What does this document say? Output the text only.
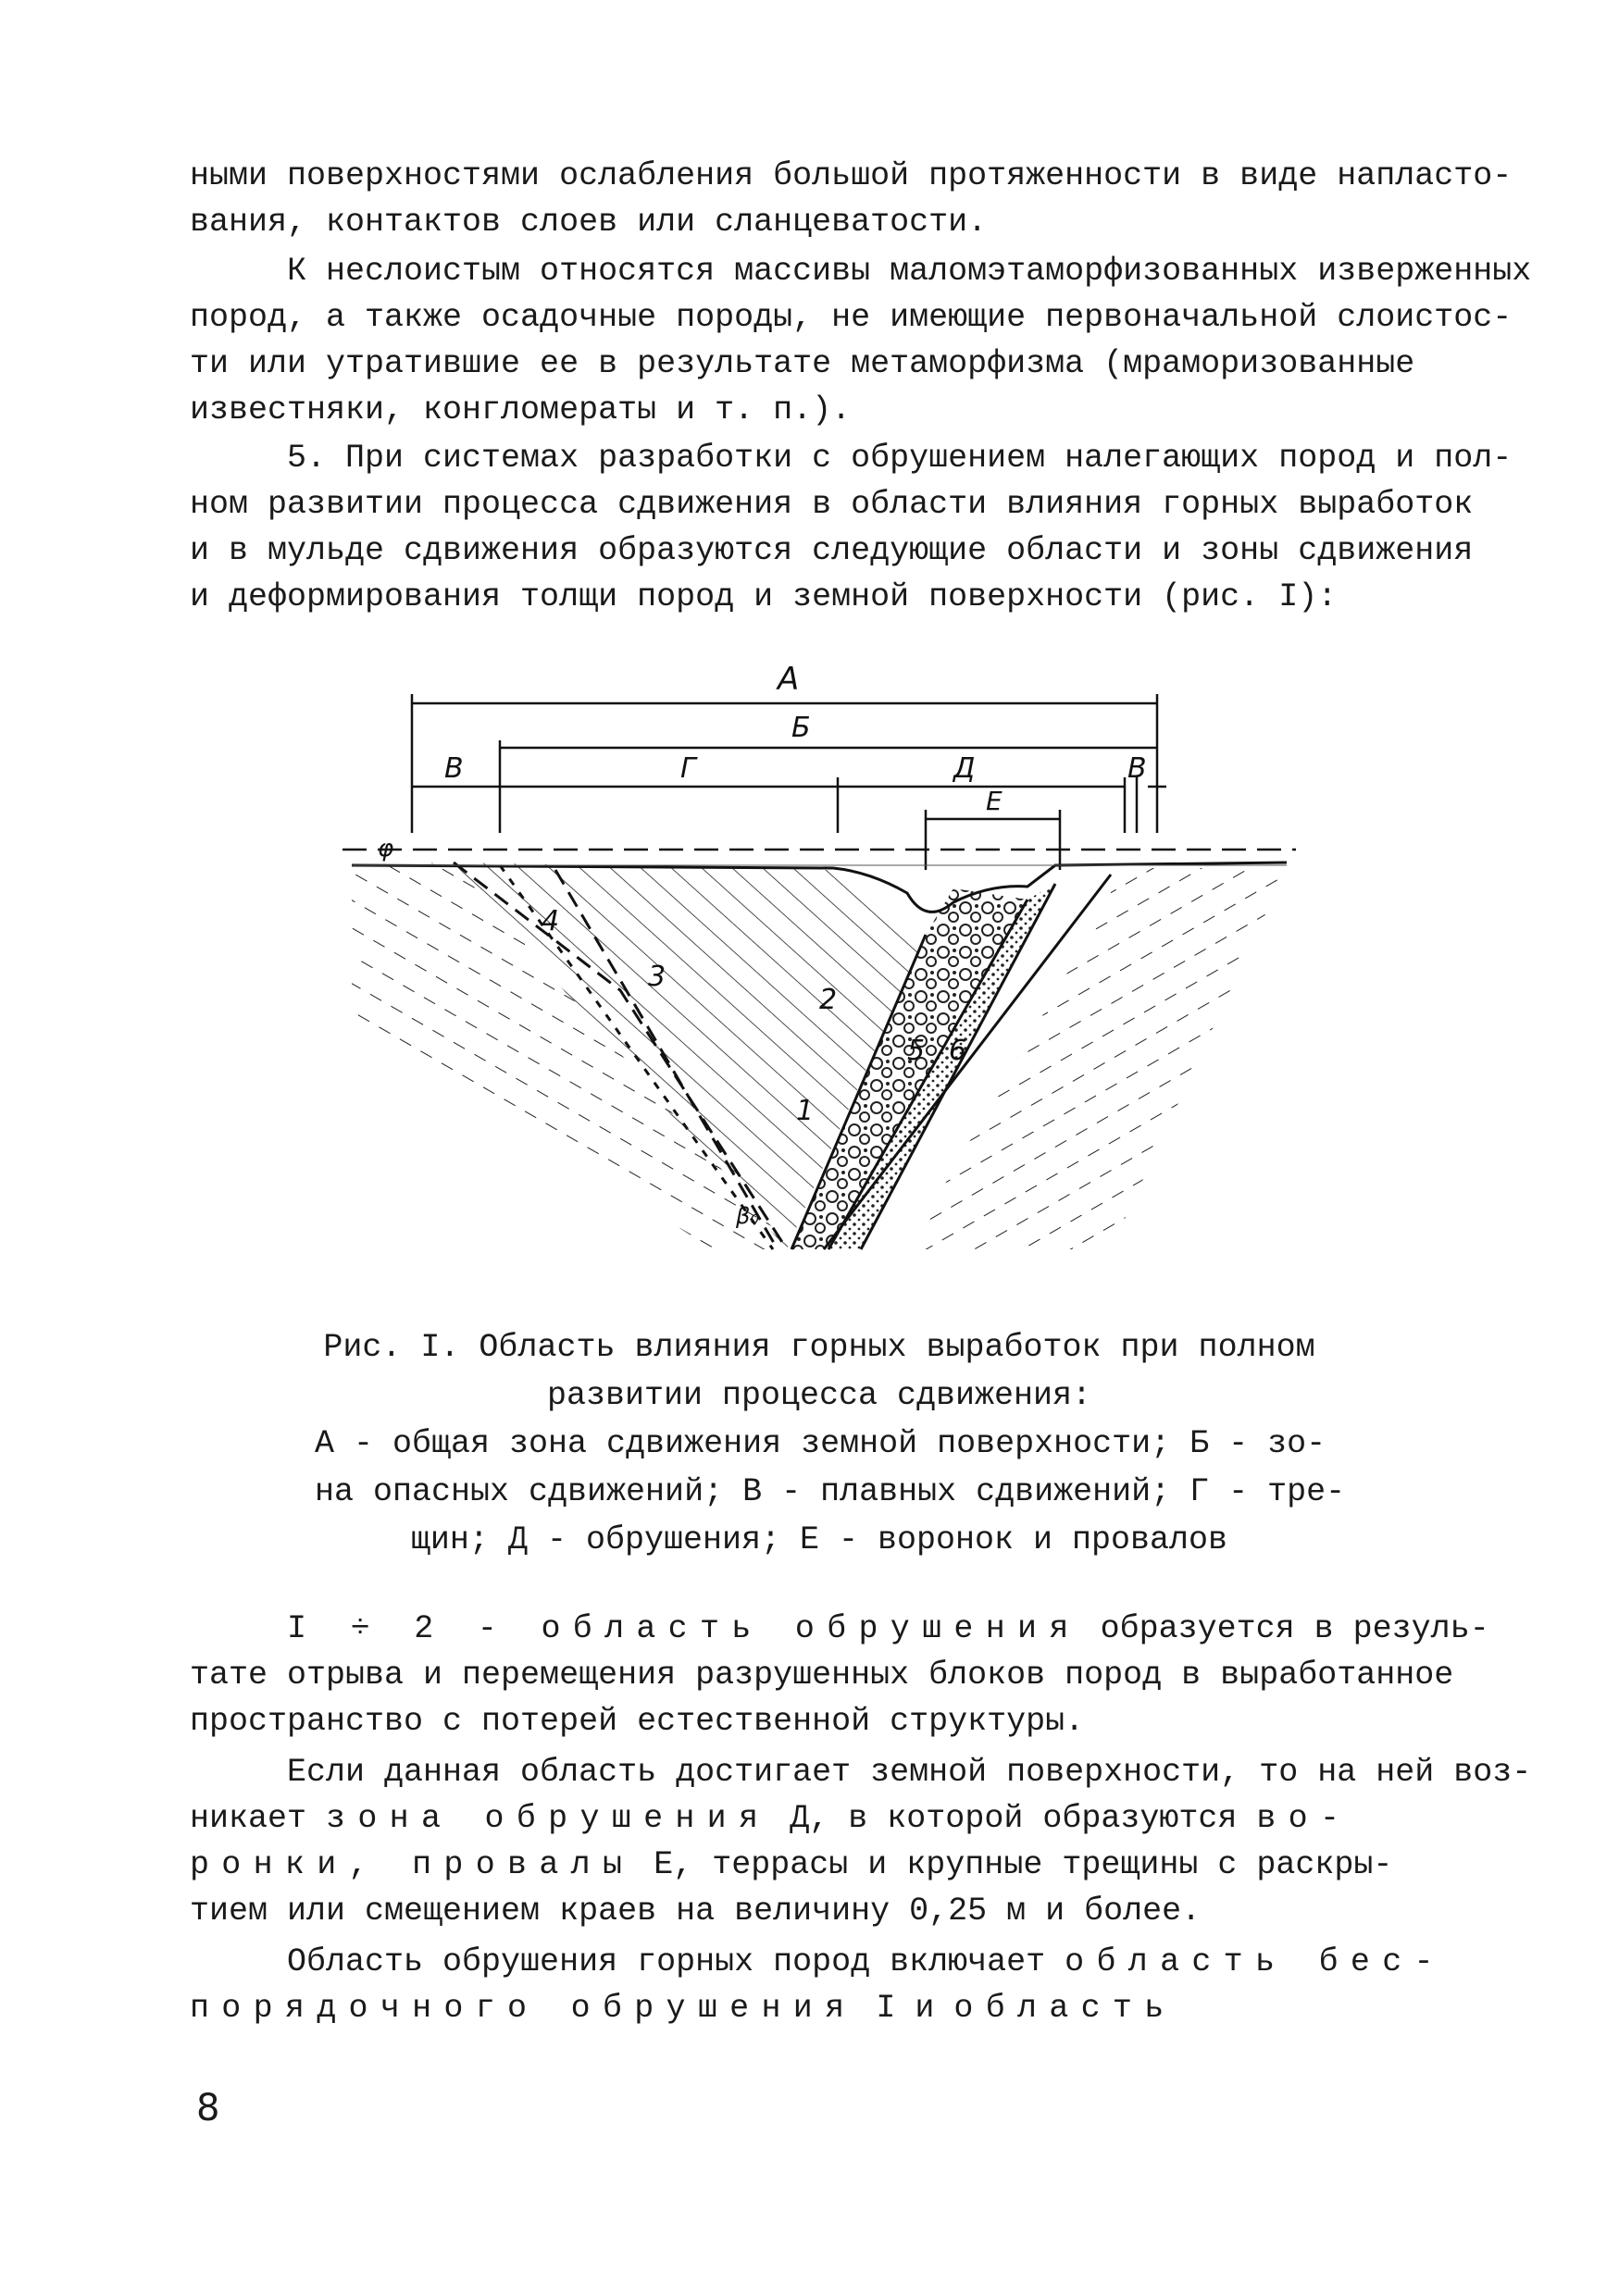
ными поверхностями ослабления большой протяженности в виде напласто-
вания, контактов слоев или сланцеватости.

К неслоистым относятся массивы маломэтаморфизованных изверженных
пород, а также осадочные породы, не имеющие первоначальной слоистос-
ти или утратившие ее в результате метаморфизма (мраморизованные
известняки, конгломераты и т. п.).

5. При системах разработки с обрушением налегающих пород и пол-
ном развитии процесса сдвижения в области влияния горных выработок
и в мульде сдвижения образуются следующие области и зоны сдвижения
и деформирования толщи пород и земной поверхности (рис. I):

А
Б
В	Г	Д	В
Е
φ
β₀
1
2
3
4
5 6

Рис. I. Область влияния горных выработок при полном
развитии процесса сдвижения:
А - общая зона сдвижения земной поверхности; Б - зо-
на опасных сдвижений; В - плавных сдвижений; Г - тре-
щин; Д - обрушения; Е - воронок и провалов

I ÷ 2 - область обрушения образуется в резуль-
тате отрыва и перемещения разрушенных блоков пород в выработанное
пространство с потерей естественной структуры.

Если данная область достигает земной поверхности, то на ней воз-
никает зона обрушения Д, в которой образуются во-
ронки, провалы Е, террасы и крупные трещины с раскры-
тием или смещением краев на величину 0,25 м и более.

Область обрушения горных пород включает область бес-
порядочного обрушения I и область

8
